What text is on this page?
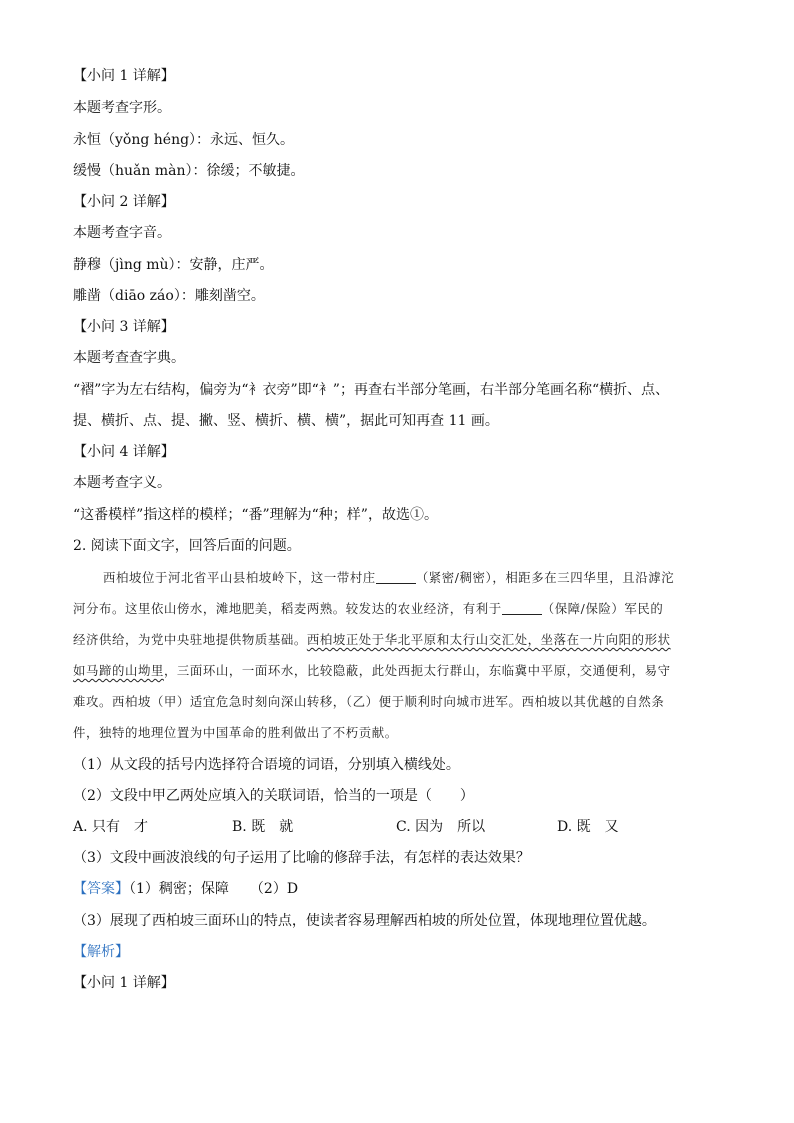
【小问 1 详解】
本题考查字形。
永恒（yǒng héng）：永远、恒久。
缓慢（huǎn màn）：徐缓；不敏捷。
【小问 2 详解】
本题考查字音。
静穆（jìng mù）：安静，庄严。
雕凿（diāo záo）：雕刻凿空。
【小问 3 详解】
本题考查查字典。
“褶”字为左右结构，偏旁为“衤衣旁”即“衤”；再查右半部分笔画，右半部分笔画名称“横折、点、
提、横折、点、提、撇、竖、横折、横、横”，据此可知再查 11 画。
【小问 4 详解】
本题考查字义。
“这番模样”指这样的模样；“番”理解为“种；样”，故选①。
2. 阅读下面文字，回答后面的问题。
西柏坡位于河北省平山县柏坡岭下，这一带村庄	（紧密/稠密），相距多在三四华里，且沿滹沱
河分布。这里依山傍水，滩地肥美，稻麦两熟。较发达的农业经济，有利于	（保障/保险）军民的
经济供给，为党中央驻地提供物质基础。西柏坡正处于华北平原和太行山交汇处，坐落在一片向阳的形状
如马蹄的山坳里，三面环山，一面环水，比较隐蔽，此处西扼太行群山，东临冀中平原，交通便利，易守
难攻。西柏坡（甲）适宜危急时刻向深山转移，（乙）便于顺利时向城市进军。西柏坡以其优越的自然条
件，独特的地理位置为中国革命的胜利做出了不朽贡献。
（1）从文段的括号内选择符合语境的词语，分别填入横线处。
（2）文段中甲乙两处应填入的关联词语，恰当的一项是（　　）
A. 只有　才	B. 既　就	C. 因为　所以	D. 既　又
（3）文段中画波浪线的句子运用了比喻的修辞手法，有怎样的表达效果？
【答案】（1）稠密；保障　　（2）D
（3）展现了西柏坡三面环山的特点，使读者容易理解西柏坡的所处位置，体现地理位置优越。
【解析】
【小问 1 详解】
